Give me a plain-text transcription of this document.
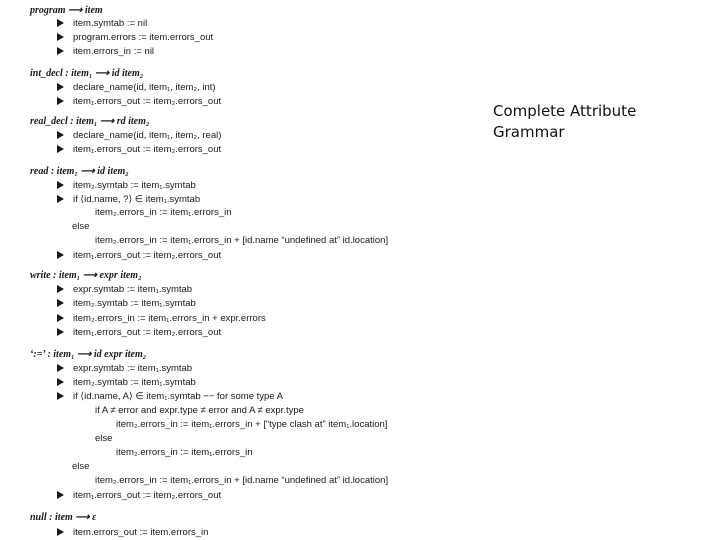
program ⟶ item
item.symtab := nil
program.errors := item.errors_out
item.errors_in := nil
int_decl : item₁ ⟶ id item₂
declare_name(id, item₁, item₂, int)
item₁.errors_out := item₂.errors_out
real_decl : item₁ ⟶ rd item₂
declare_name(id, item₁, item₂, real)
item₁.errors_out := item₂.errors_out
read : item₁ ⟶ id item₂
item₂.symtab := item₁.symtab
if ⟨id.name, ?⟩ ∈ item₁.symtab
item₂.errors_in := item₁.errors_in
else
item₂.errors_in := item₁.errors_in + [id.name “undefined at” id.location]
item₁.errors_out := item₂.errors_out
write : item₁ ⟶ expr item₂
expr.symtab := item₁.symtab
item₂.symtab := item₁.symtab
item₂.errors_in := item₁.errors_in + expr.errors
item₁.errors_out := item₂.errors_out
‘:=’ : item₁ ⟶ id expr item₂
expr.symtab := item₁.symtab
item₂.symtab := item₁.symtab
if ⟨id.name, A⟩ ∈ item₁.symtab −− for some type A
if A ≠ error and expr.type ≠ error and A ≠ expr.type
item₂.errors_in := item₁.errors_in + [“type clash at” item₁.location]
else
item₂.errors_in := item₁.errors_in
else
item₂.errors_in := item₁.errors_in + [id.name “undefined at” id.location]
item₁.errors_out := item₂.errors_out
null : item ⟶ ε
item.errors_out := item.errors_in
Complete Attribute Grammar
